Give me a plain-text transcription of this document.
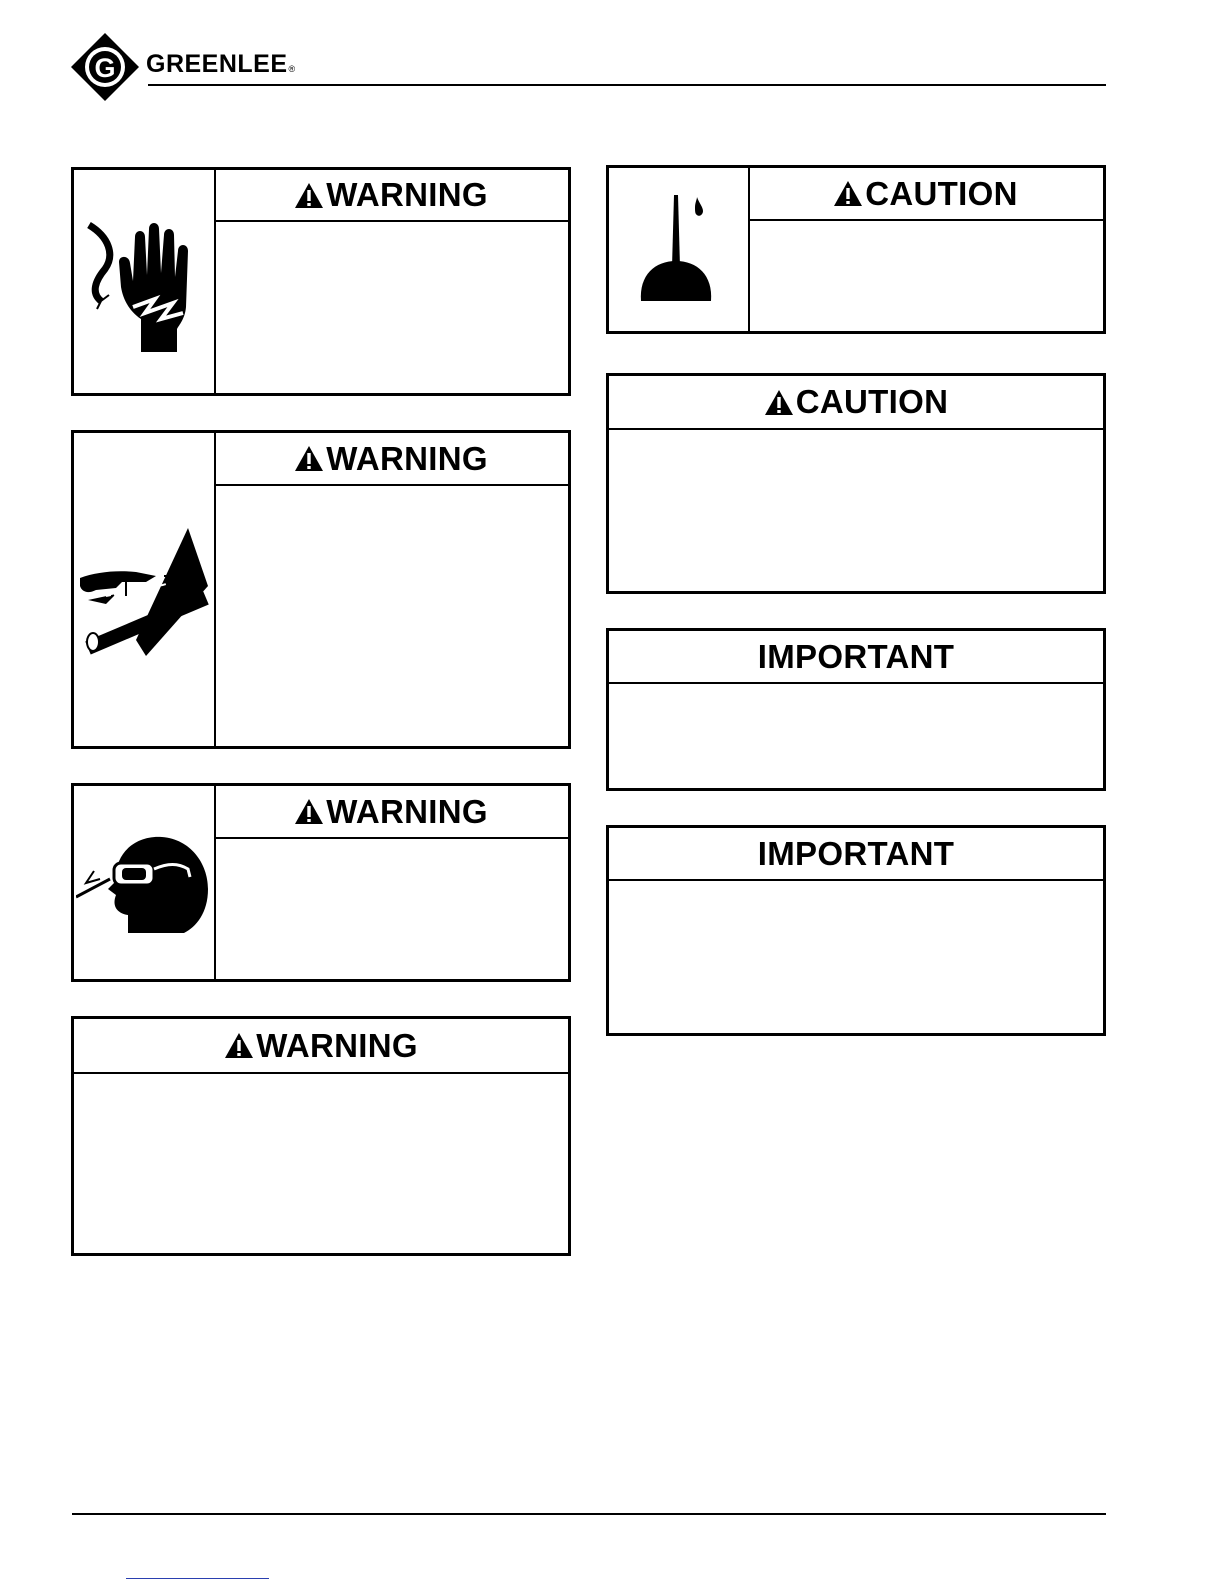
G GREENLEE®
WARNING
WARNING
WARNING
WARNING
CAUTION
CAUTION
IMPORTANT
IMPORTANT
